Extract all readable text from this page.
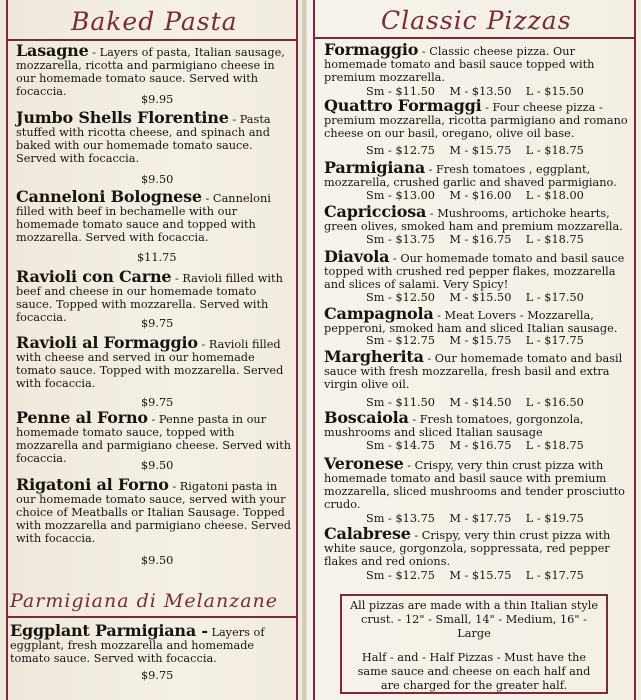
Baked Pasta
Lasagne - Layers of pasta, Italian sausage, mozzarella, ricotta and parmigiano cheese in our homemade tomato sauce. Served with focaccia.
$9.95
Jumbo Shells Florentine - Pasta stuffed with ricotta cheese, and spinach and baked with our homemade tomato sauce. Served with focaccia.
$9.50
Canneloni Bolognese - Canneloni filled with beef in bechamelle with our homemade tomato sauce and topped with mozzarella. Served with focaccia.
$11.75
Ravioli con Carne - Ravioli filled with beef and cheese in our homemade tomato sauce. Topped with mozzarella. Served with focaccia.	$9.75
Ravioli al Formaggio - Ravioli filled with cheese and served in our homemade tomato sauce. Topped with mozzarella. Served with focaccia.
$9.75
Penne al Forno - Penne pasta in our homemade tomato sauce, topped with mozzarella and parmigiano cheese. Served with focaccia.
$9.50
Rigatoni al Forno - Rigatoni pasta in our homemade tomato sauce, served with your choice of Meatballs or Italian Sausage. Topped with mozzarella and parmigiano cheese. Served with focaccia.
$9.50
Parmigiana di Melanzane
Eggplant Parmigiana - Layers of eggplant, fresh mozzarella and homemade tomato sauce. Served with focaccia.
$9.75
Classic Pizzas
Formaggio - Classic cheese pizza. Our homemade tomato and basil sauce topped with premium mozzarella.
Sm - $11.50    M - $13.50    L - $15.50
Quattro Formaggi - Four cheese pizza - premium mozzarella, ricotta parmigiano and romano cheese on our basil, oregano, olive oil base.
Sm - $12.75    M - $15.75    L - $18.75
Parmigiana - Fresh tomatoes , eggplant, mozzarella, crushed garlic and shaved parmigiano.
Sm - $13.00    M - $16.00    L - $18.00
Capricciosa - Mushrooms, artichoke hearts, green olives, smoked ham and premium mozzarella.
Sm - $13.75    M - $16.75    L - $18.75
Diavola - Our homemade tomato and basil sauce topped with crushed red pepper flakes, mozzarella and slices of salami. Very Spicy!
Sm - $12.50    M - $15.50    L - $17.50
Campagnola - Meat Lovers - Mozzarella, pepperoni, smoked ham and sliced Italian sausage.
Sm - $12.75    M - $15.75    L - $17.75
Margherita - Our homemade tomato and basil sauce with fresh mozzarella, fresh basil and extra virgin olive oil.
Sm - $11.50    M - $14.50    L - $16.50
Boscaiola - Fresh tomatoes, gorgonzola, mushrooms and sliced Italian sausage
Sm - $14.75    M - $16.75    L - $18.75
Veronese - Crispy, very thin crust pizza with homemade tomato and basil sauce with premium mozzarella, sliced mushrooms and tender prosciutto crudo.
Sm - $13.75    M - $17.75    L - $19.75
Calabrese - Crispy, very thin crust pizza with white sauce, gorgonzola, soppressata, red pepper flakes and red onions.
Sm - $12.75    M - $15.75    L - $17.75

All pizzas are made with a thin Italian style crust. - 12" - Small, 14" - Medium, 16" - Large

Half - and - Half Pizzas - Must have the same sauce and cheese on each half and are charged for the greater half.
